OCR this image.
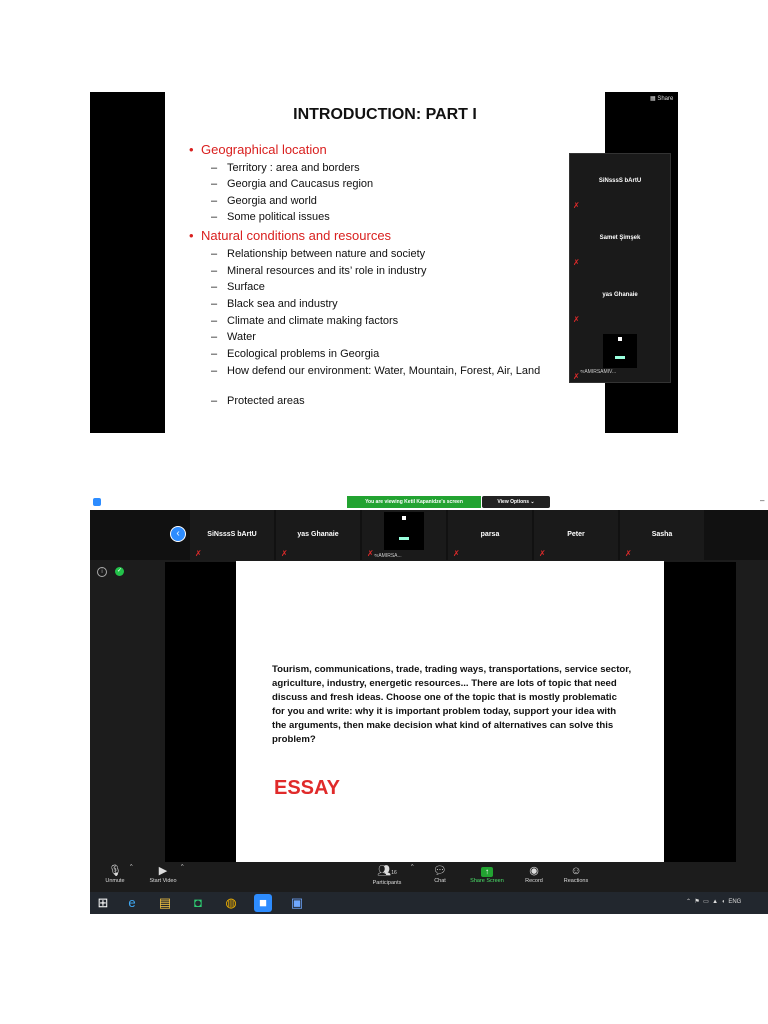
INTRODUCTION: PART I
• Geographical location
– Territory : area and borders
– Georgia and Caucasus region
– Georgia and world
– Some political issues
• Natural conditions and resources
– Relationship between nature and society
– Mineral resources and its’ role in industry
– Surface
– Black sea and industry
– Climate and climate making factors
– Water
– Ecological problems in Georgia
– How defend our environment: Water, Mountain, Forest, Air, Land
– Protected areas
▦ Share
SiNsssS bArtU
✗
Samet Şimşek
✗
yas Ghanaie
✗
✗ অAMIRSAMIV...
You are viewing Ketil Kapanidze's screen	View Options ⌄	–
‹	SiNsssS bArtU
✗
yas Ghanaie
✗	✗ অAMIRSA...
parsa
✗
Peter
✗
Sasha
✗
i	✓
Tourism, communications, trade, trading ways, transportations, service sector, agriculture, industry, energetic resources... There are lots of topic that need discuss and fresh ideas. Choose one of the topic that is mostly problematic for you and write: why it is important problem today, support your idea with the arguments, then make decision what kind of alternatives can solve this problem?
ESSAY
🎙︎
Unmute
^	▶︎
Start Video
^	👥︎16
Participants
^	💬︎
Chat
↑
Share Screen
◉
Record
☺︎
Reactions
⊞	e	▤	◘	◍	■	▣	⌃  ⚑  ▭  ▲  ◖  ENG
